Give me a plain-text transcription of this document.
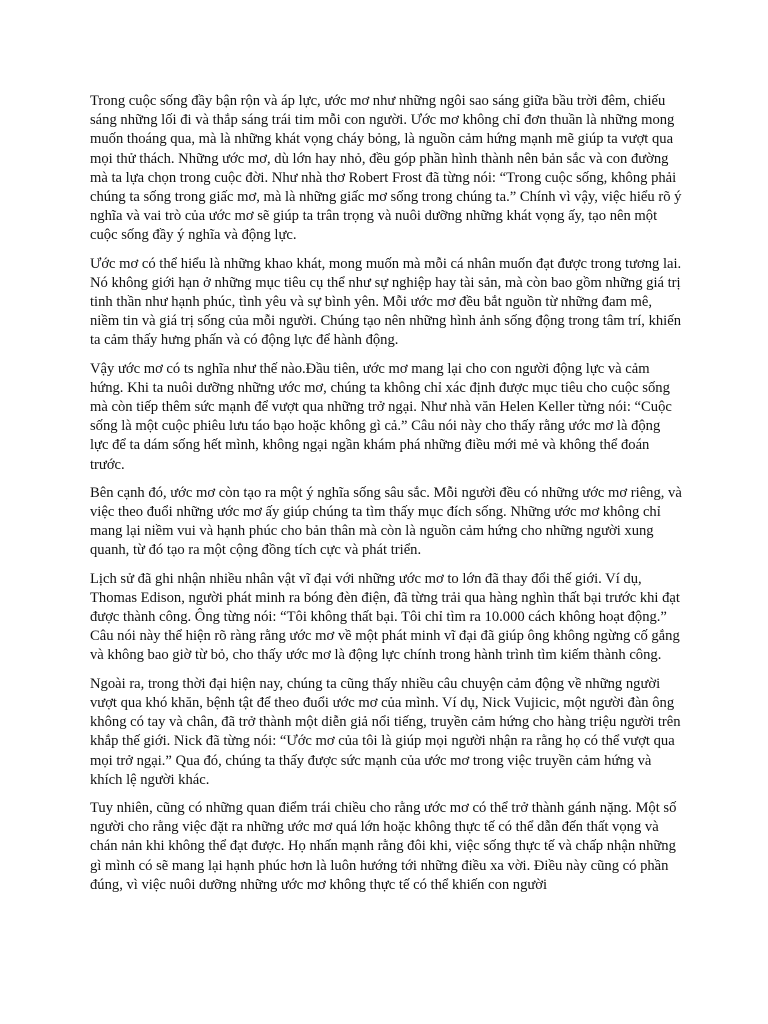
Trong cuộc sống đầy bận rộn và áp lực, ước mơ như những ngôi sao sáng giữa bầu trời đêm, chiếu sáng những lối đi và thắp sáng trái tim mỗi con người. Ước mơ không chỉ đơn thuần là những mong muốn thoáng qua, mà là những khát vọng cháy bỏng, là nguồn cảm hứng mạnh mẽ giúp ta vượt qua mọi thử thách. Những ước mơ, dù lớn hay nhỏ, đều góp phần hình thành nên bản sắc và con đường mà ta lựa chọn trong cuộc đời. Như nhà thơ Robert Frost đã từng nói: “Trong cuộc sống, không phải chúng ta sống trong giấc mơ, mà là những giấc mơ sống trong chúng ta.” Chính vì vậy, việc hiểu rõ ý nghĩa và vai trò của ước mơ sẽ giúp ta trân trọng và nuôi dưỡng những khát vọng ấy, tạo nên một cuộc sống đầy ý nghĩa và động lực.

Ước mơ có thể hiểu là những khao khát, mong muốn mà mỗi cá nhân muốn đạt được trong tương lai. Nó không giới hạn ở những mục tiêu cụ thể như sự nghiệp hay tài sản, mà còn bao gồm những giá trị tinh thần như hạnh phúc, tình yêu và sự bình yên. Mỗi ước mơ đều bắt nguồn từ những đam mê, niềm tin và giá trị sống của mỗi người. Chúng tạo nên những hình ảnh sống động trong tâm trí, khiến ta cảm thấy hưng phấn và có động lực để hành động.

Vậy ước mơ có ts nghĩa như thế nào.Đầu tiên, ước mơ mang lại cho con người động lực và cảm hứng. Khi ta nuôi dưỡng những ước mơ, chúng ta không chỉ xác định được mục tiêu cho cuộc sống mà còn tiếp thêm sức mạnh để vượt qua những trở ngại. Như nhà văn Helen Keller từng nói: “Cuộc sống là một cuộc phiêu lưu táo bạo hoặc không gì cả.” Câu nói này cho thấy rằng ước mơ là động lực để ta dám sống hết mình, không ngại ngần khám phá những điều mới mẻ và không thể đoán trước.

Bên cạnh đó, ước mơ còn tạo ra một ý nghĩa sống sâu sắc. Mỗi người đều có những ước mơ riêng, và việc theo đuổi những ước mơ ấy giúp chúng ta tìm thấy mục đích sống. Những ước mơ không chỉ mang lại niềm vui và hạnh phúc cho bản thân mà còn là nguồn cảm hứng cho những người xung quanh, từ đó tạo ra một cộng đồng tích cực và phát triển.

Lịch sử đã ghi nhận nhiều nhân vật vĩ đại với những ước mơ to lớn đã thay đổi thế giới. Ví dụ, Thomas Edison, người phát minh ra bóng đèn điện, đã từng trải qua hàng nghìn thất bại trước khi đạt được thành công. Ông từng nói: “Tôi không thất bại. Tôi chỉ tìm ra 10.000 cách không hoạt động.” Câu nói này thể hiện rõ ràng rằng ước mơ về một phát minh vĩ đại đã giúp ông không ngừng cố gắng và không bao giờ từ bỏ, cho thấy ước mơ là động lực chính trong hành trình tìm kiếm thành công.

Ngoài ra, trong thời đại hiện nay, chúng ta cũng thấy nhiều câu chuyện cảm động về những người vượt qua khó khăn, bệnh tật để theo đuổi ước mơ của mình. Ví dụ, Nick Vujicic, một người đàn ông không có tay và chân, đã trở thành một diễn giả nổi tiếng, truyền cảm hứng cho hàng triệu người trên khắp thế giới. Nick đã từng nói: “Ước mơ của tôi là giúp mọi người nhận ra rằng họ có thể vượt qua mọi trở ngại.” Qua đó, chúng ta thấy được sức mạnh của ước mơ trong việc truyền cảm hứng và khích lệ người khác.

Tuy nhiên, cũng có những quan điểm trái chiều cho rằng ước mơ có thể trở thành gánh nặng. Một số người cho rằng việc đặt ra những ước mơ quá lớn hoặc không thực tế có thể dẫn đến thất vọng và chán nản khi không thể đạt được. Họ nhấn mạnh rằng đôi khi, việc sống thực tế và chấp nhận những gì mình có sẽ mang lại hạnh phúc hơn là luôn hướng tới những điều xa vời. Điều này cũng có phần đúng, vì việc nuôi dưỡng những ước mơ không thực tế có thể khiến con người
